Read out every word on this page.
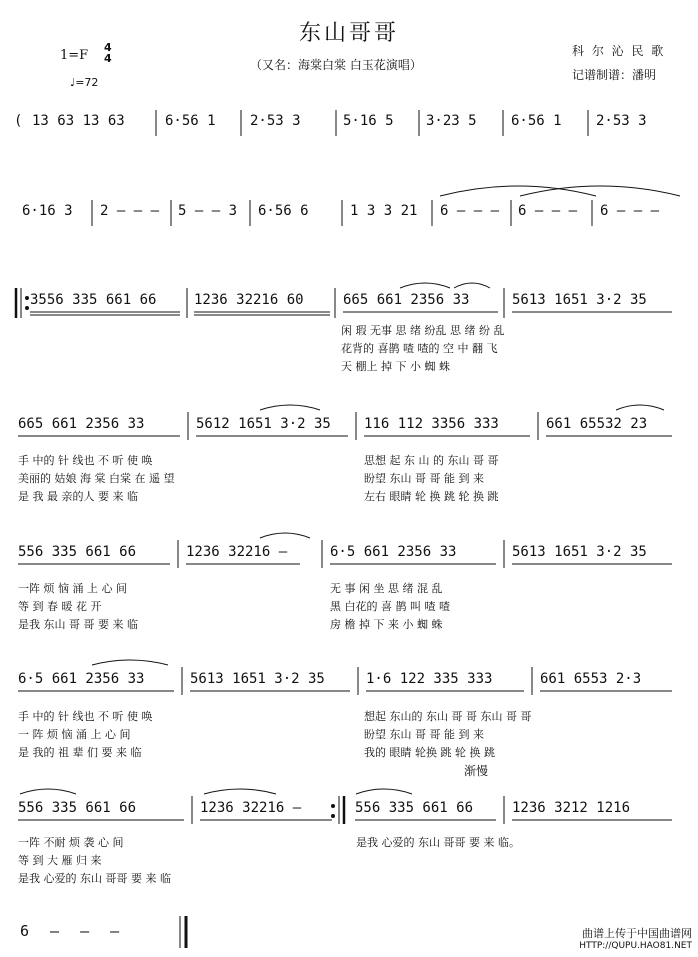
东山哥哥
（又名：海棠白棠 白玉花演唱）
1=F
4
4
♩=72
科 尔 沁 民 歌
记谱制谱：潘明
( 13 63 13 63	6·56 1 2·53 3	5·16 5 3·23 5 6·56 1 2·53 3
6·16 3 2 – – – 5 – – 3 6·56 6	1 3 3 21 6 – – – 6 – – – 6 – – –
3556 335 661 66	1236 32216 60	665 661 2356 33	5613 1651 3·2 35
闲 瑕 无事 思 绪 纷乱 思 绪 纷 乱
花背的 喜鹊 喳 喳的 空 中 翻 飞
天 棚上 掉 下 小 蜘 蛛
665 661 2356 33	5612 1651 3·2 35 116 112 3356 333	661 65532 23
手 中的 针 线也 不 听 使 唤
美丽的 姑娘 海 棠 白棠 在 遥 望
是 我 最 亲的人 要 来 临
思想 起 东 山 的 东山 哥 哥
盼望 东山 哥 哥 能 到 来
左右 眼睛 轮 换 跳 轮 换 跳
556 335 661 66	1236 32216 –	6·5 661 2356 33	5613 1651 3·2 35
一阵 烦 恼 涌 上 心 间
等 到 春 暖 花 开
是我 东山 哥 哥 要 来 临
无 事 闲 坐 思 绪 混 乱
黑 白花的 喜 鹊 叫 喳 喳
房 檐 掉 下 来 小 蜘 蛛
6·5 661 2356 33	5613 1651 3·2 35	1·6 122 335 333	661 6553 2·3
手 中的 针 线也 不 听 使 唤
一 阵 烦 恼 涌 上 心 间
是 我的 祖 辈 们 要 来 临
想起 东山的 东山 哥 哥 东山 哥 哥
盼望 东山 哥 哥 能 到 来
我的 眼睛 轮换 跳 轮 换 跳
渐慢
556 335 661 66	1236 32216 –	556 335 661 66	1236 3212 1216
一阵 不耐 烦 袭 心 间
等 到 大 雁 归 来
是我 心爱的 东山 哥哥 要 来 临
是我 心爱的 东山 哥哥 要 来 临。
6 – – –	曲谱上传于中国曲谱网
HTTP://QUPU.HAO81.NET
